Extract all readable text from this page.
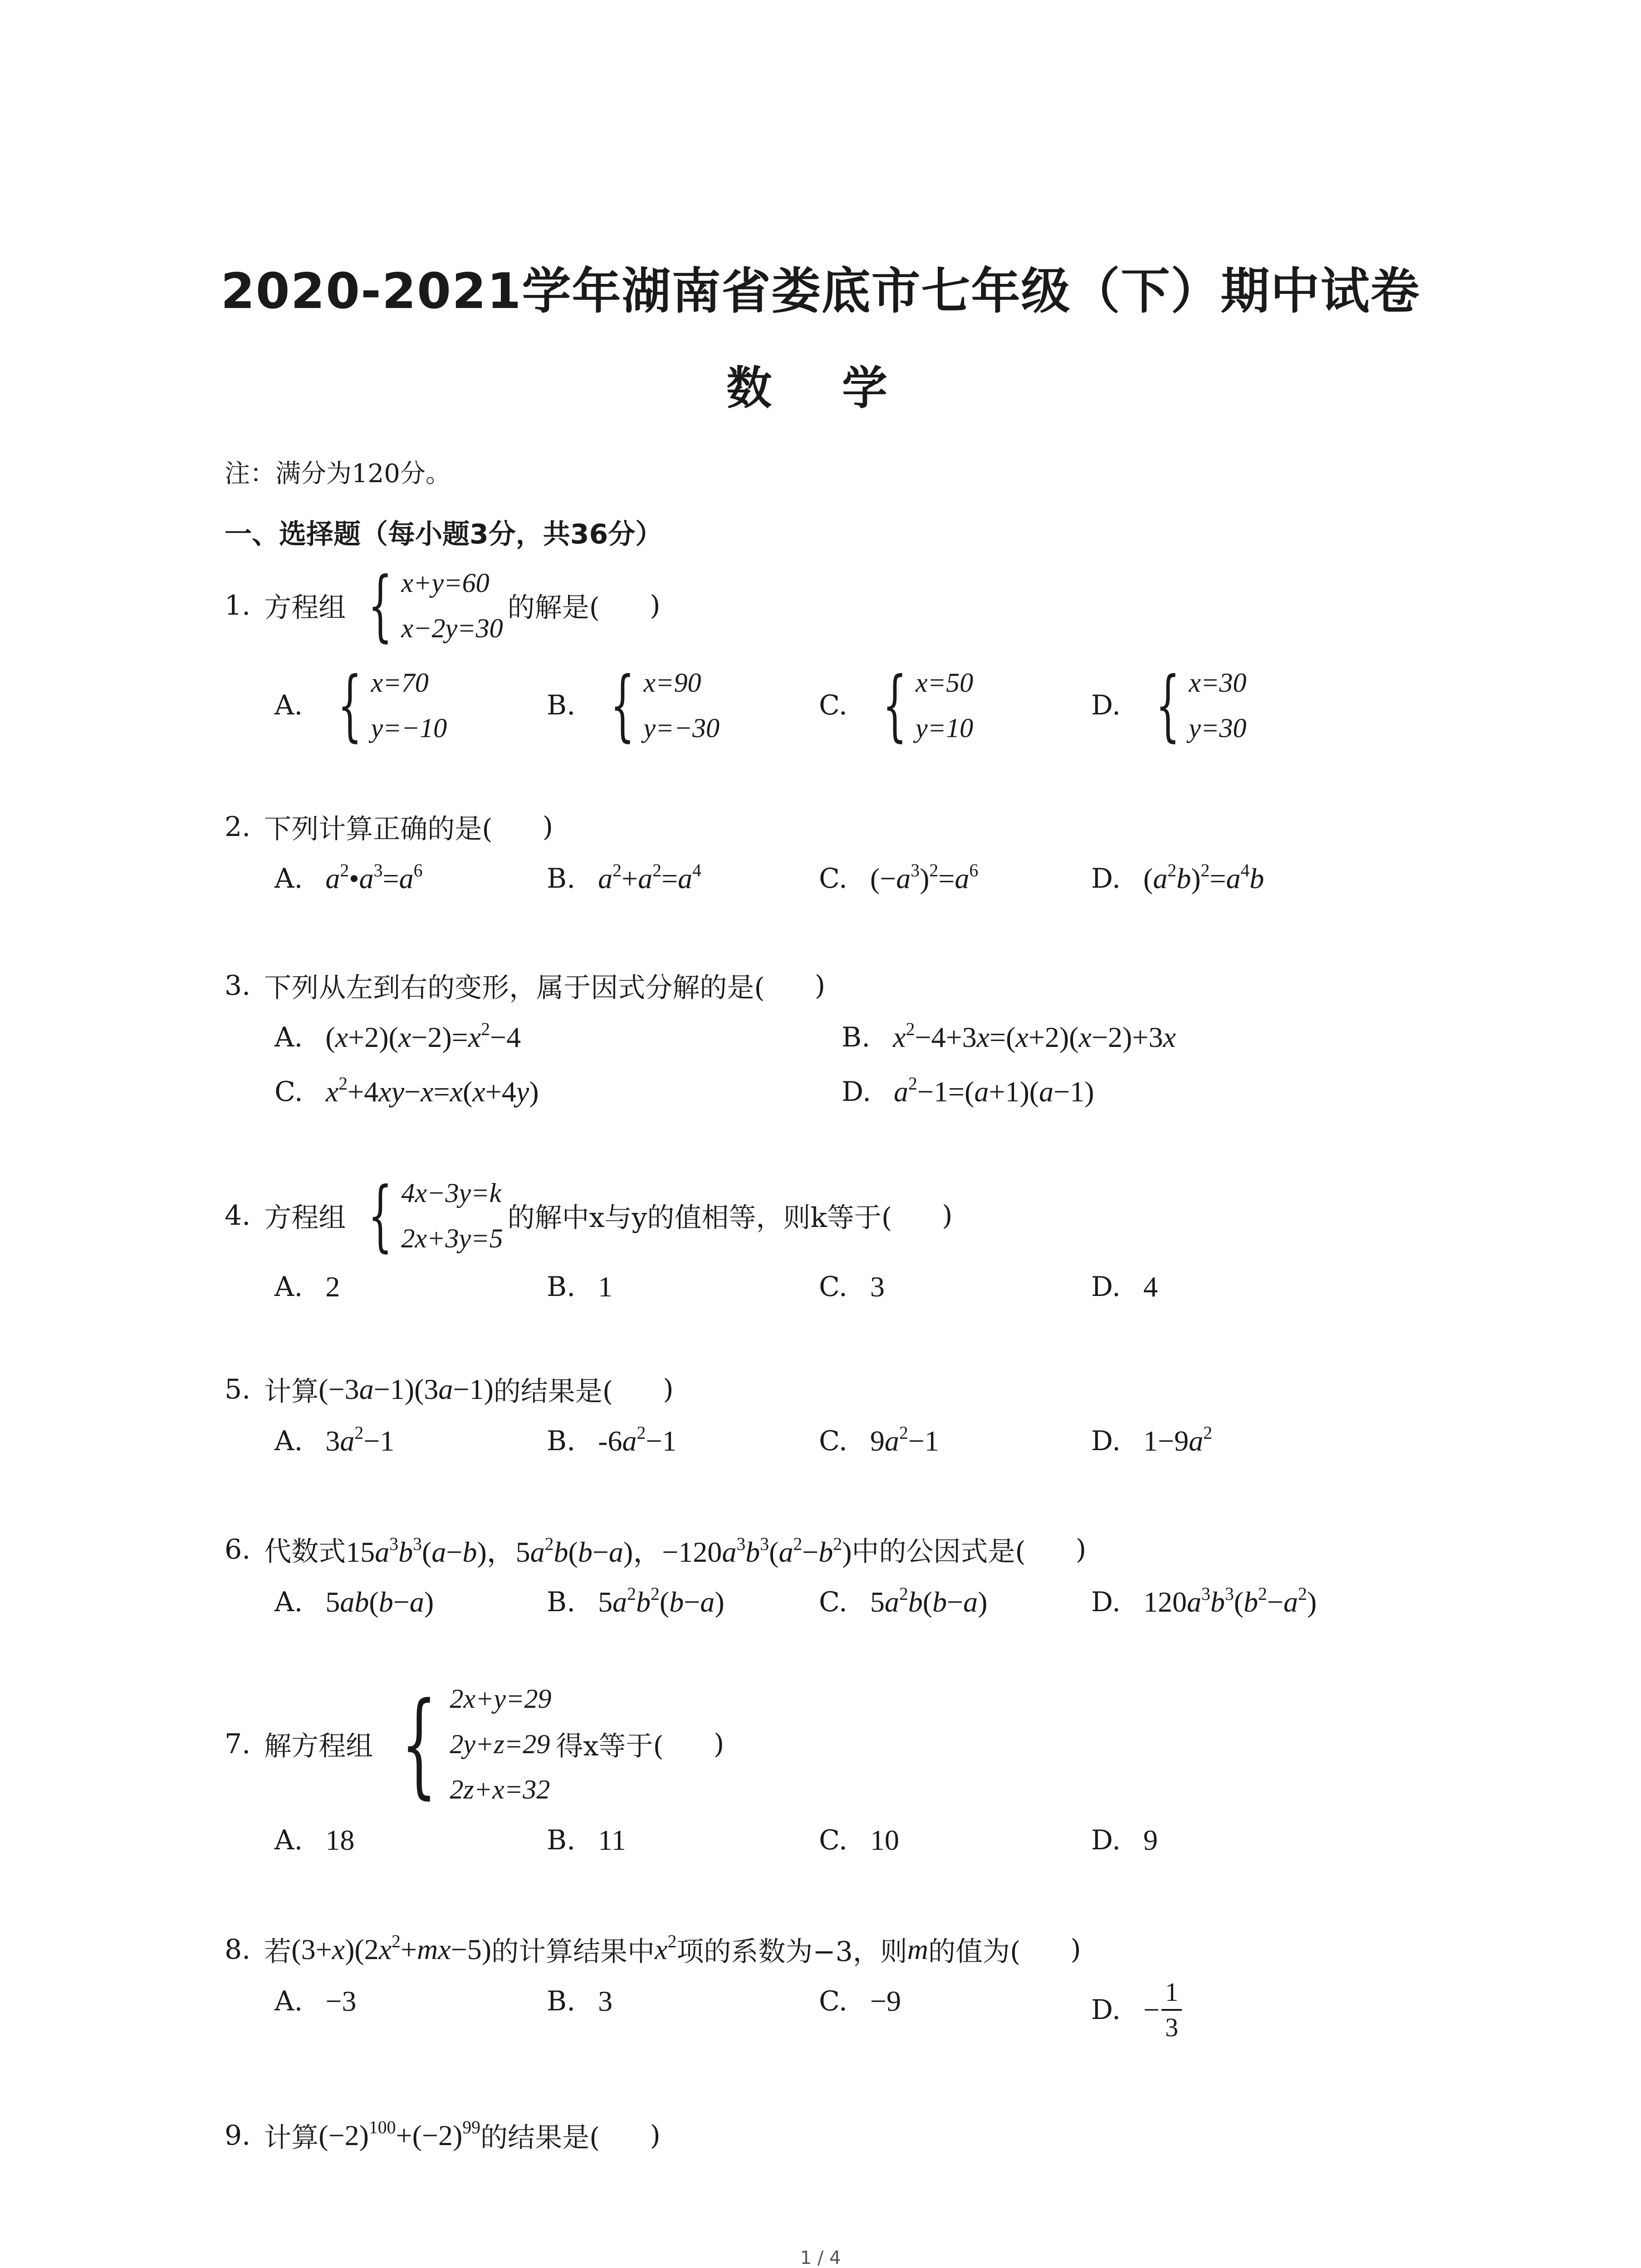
2020-2021学年湖南省娄底市七年级（下）期中试卷
数 学
注：满分为120分。
一、选择题（每小题3分，共36分）
1. 方程组 { x+y=60
x−2y=30
的解是( )
A. { x=70
y=−10
B. { x=90
y=−30
C. { x=50
y=10
D. { x=30
y=30
2. 下列计算正确的是( )
A. $a^2•a^3=a^6$	B. $a^2+a^2=a^4$	C. $(-a^3)^2=a^6$	D. $(a^2b)^2=a^4b$
3. 下列从左到右的变形，属于因式分解的是( )
A. $(x+2)(x-2)=x^2-4$	B. $x^2-4+3x=(x+2)(x-2)+3x$
C. $x^2+4xy-x=x(x+4y)$	D. $a^2-1=(a+1)(a-1)$
4. 方程组 { 4x−3y=k
2x+3y=5
的解中x与y的值相等，则k等于( )
A. 2	B. 1	C. 3	D. 4
5. 计算 (−3a−1)(3a−1) 的结果是( )
A. $3a^2-1$	B. $-6a^2-1$	C. $9a^2-1$	D. $1-9a^2$
6. 代数式 $15a^3b^3(a-b)$，$5a^2b(b-a)$，$-120a^3b^3(a^2-b^2)$ 中的公因式是( )
A. 5ab(b−a)	B. $5a^2b^2(b-a)$	C. $5a^2b(b-a)$	D. $120a^3b^3(b^2-a^2)$
7. 解方程组 { 2x+y=29
2y+z=29
2z+x=32
得x等于( )
A. 18	B. 11	C. 10	D. 9
8. 若 $(3+x)(2x^2+mx-5)$ 的计算结果中 $x^2$ 项的系数为−3，则 m 的值为( )
A. −3	B. 3	C. −9	D. − $\frac{1}{3}$
9. 计算 $(-2)^{100}+(-2)^{99}$ 的结果是( )
1 / 4
